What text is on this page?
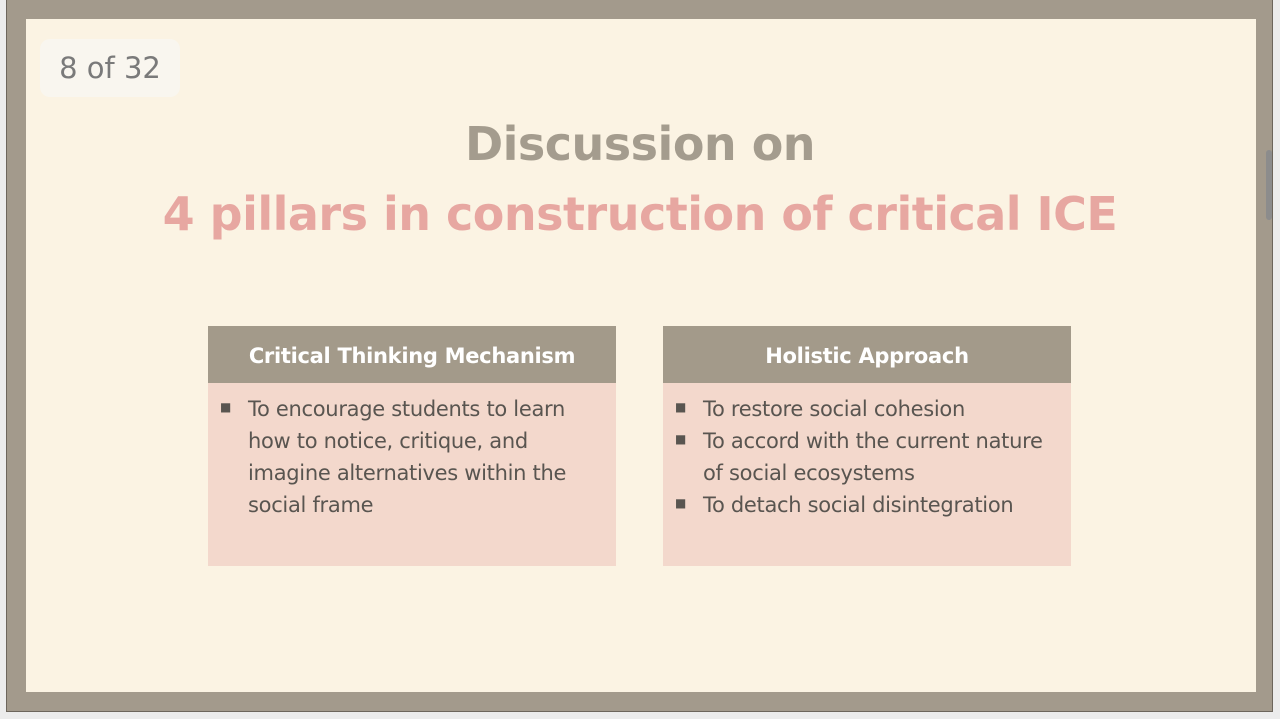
8 of 32
Discussion on
4 pillars in construction of critical ICE
Critical Thinking Mechanism
■ To encourage students to learn how to notice, critique, and imagine alternatives within the social frame
Holistic Approach
■ To restore social cohesion
■ To accord with the current nature of social ecosystems
■ To detach social disintegration
